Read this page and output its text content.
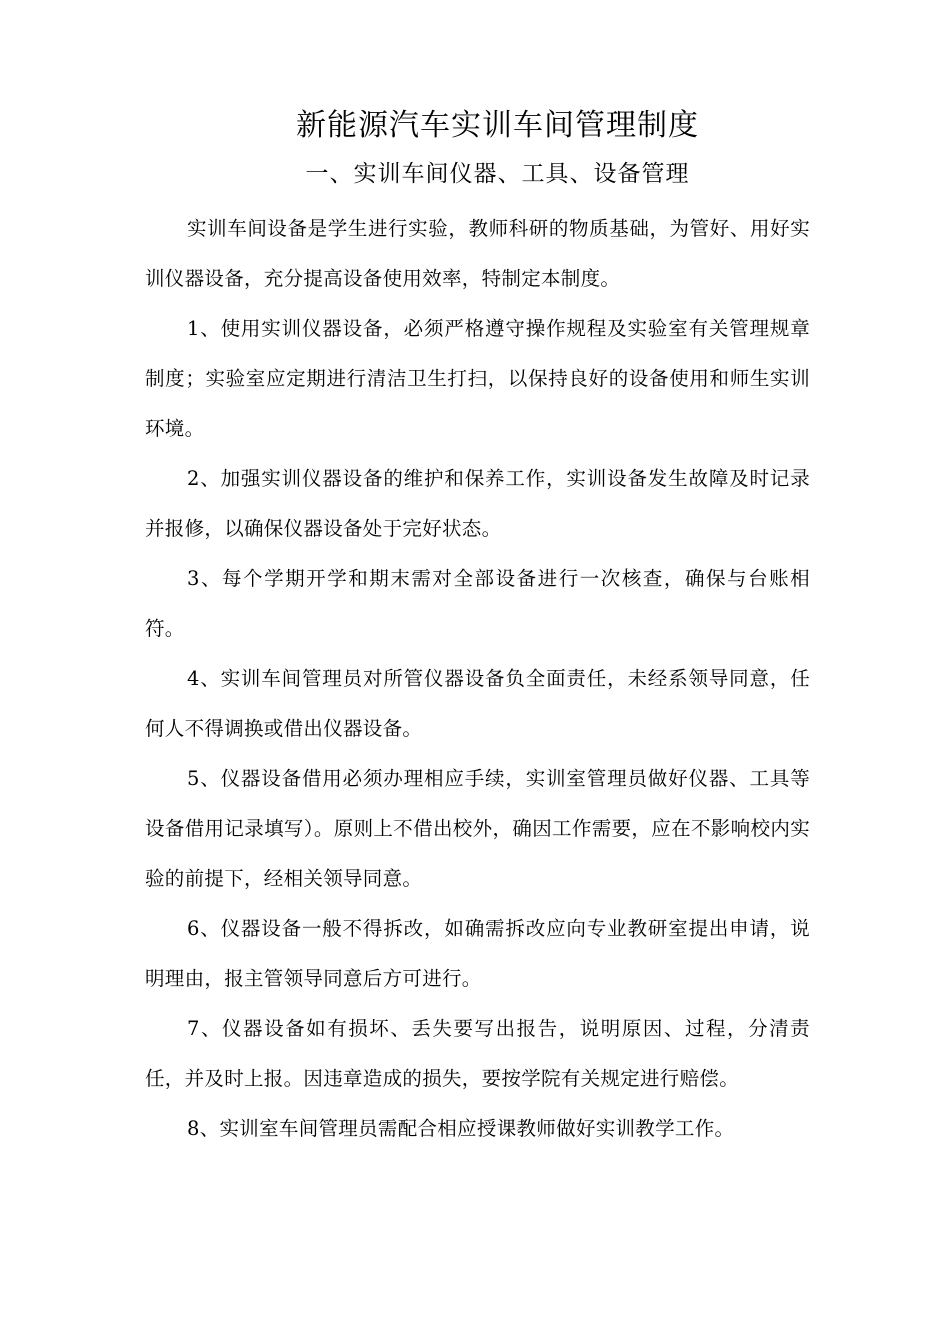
新能源汽车实训车间管理制度
一、实训车间仪器、工具、设备管理

实训车间设备是学生进行实验，教师科研的物质基础，为管好、用好实训仪器设备，充分提高设备使用效率，特制定本制度。

1、使用实训仪器设备，必须严格遵守操作规程及实验室有关管理规章制度；实验室应定期进行清洁卫生打扫，以保持良好的设备使用和师生实训环境。

2、加强实训仪器设备的维护和保养工作，实训设备发生故障及时记录并报修，以确保仪器设备处于完好状态。

3、每个学期开学和期末需对全部设备进行一次核查，确保与台账相符。

4、实训车间管理员对所管仪器设备负全面责任，未经系领导同意，任何人不得调换或借出仪器设备。

5、仪器设备借用必须办理相应手续，实训室管理员做好仪器、工具等设备借用记录填写）。原则上不借出校外，确因工作需要，应在不影响校内实验的前提下，经相关领导同意。

6、仪器设备一般不得拆改，如确需拆改应向专业教研室提出申请，说明理由，报主管领导同意后方可进行。

7、仪器设备如有损坏、丢失要写出报告，说明原因、过程，分清责任，并及时上报。因违章造成的损失，要按学院有关规定进行赔偿。

8、实训室车间管理员需配合相应授课教师做好实训教学工作。
